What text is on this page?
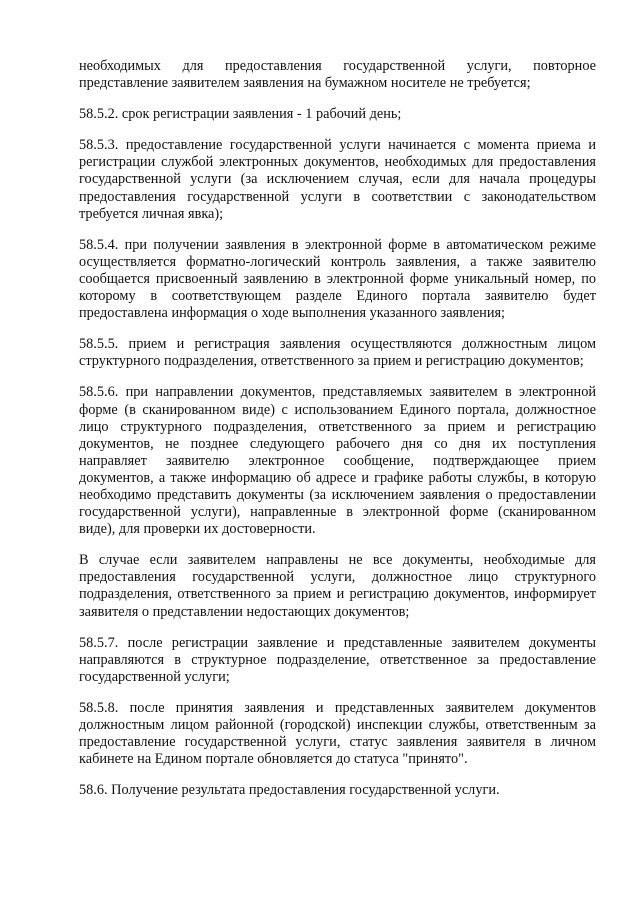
необходимых для предоставления государственной услуги, повторное представление заявителем заявления на бумажном носителе не требуется;

58.5.2. срок регистрации заявления - 1 рабочий день;

58.5.3. предоставление государственной услуги начинается с момента приема и регистрации службой электронных документов, необходимых для предоставления государственной услуги (за исключением случая, если для начала процедуры предоставления государственной услуги в соответствии с законодательством требуется личная явка);

58.5.4. при получении заявления в электронной форме в автоматическом режиме осуществляется форматно-логический контроль заявления, а также заявителю сообщается присвоенный заявлению в электронной форме уникальный номер, по которому в соответствующем разделе Единого портала заявителю будет предоставлена информация о ходе выполнения указанного заявления;

58.5.5. прием и регистрация заявления осуществляются должностным лицом структурного подразделения, ответственного за прием и регистрацию документов;

58.5.6. при направлении документов, представляемых заявителем в электронной форме (в сканированном виде) с использованием Единого портала, должностное лицо структурного подразделения, ответственного за прием и регистрацию документов, не позднее следующего рабочего дня со дня их поступления направляет заявителю электронное сообщение, подтверждающее прием документов, а также информацию об адресе и графике работы службы, в которую необходимо представить документы (за исключением заявления о предоставлении государственной услуги), направленные в электронной форме (сканированном виде), для проверки их достоверности.

В случае если заявителем направлены не все документы, необходимые для предоставления государственной услуги, должностное лицо структурного подразделения, ответственного за прием и регистрацию документов, информирует заявителя о представлении недостающих документов;

58.5.7. после регистрации заявление и представленные заявителем документы направляются в структурное подразделение, ответственное за предоставление государственной услуги;

58.5.8. после принятия заявления и представленных заявителем документов должностным лицом районной (городской) инспекции службы, ответственным за предоставление государственной услуги, статус заявления заявителя в личном кабинете на Едином портале обновляется до статуса "принято".

58.6. Получение результата предоставления государственной услуги.
